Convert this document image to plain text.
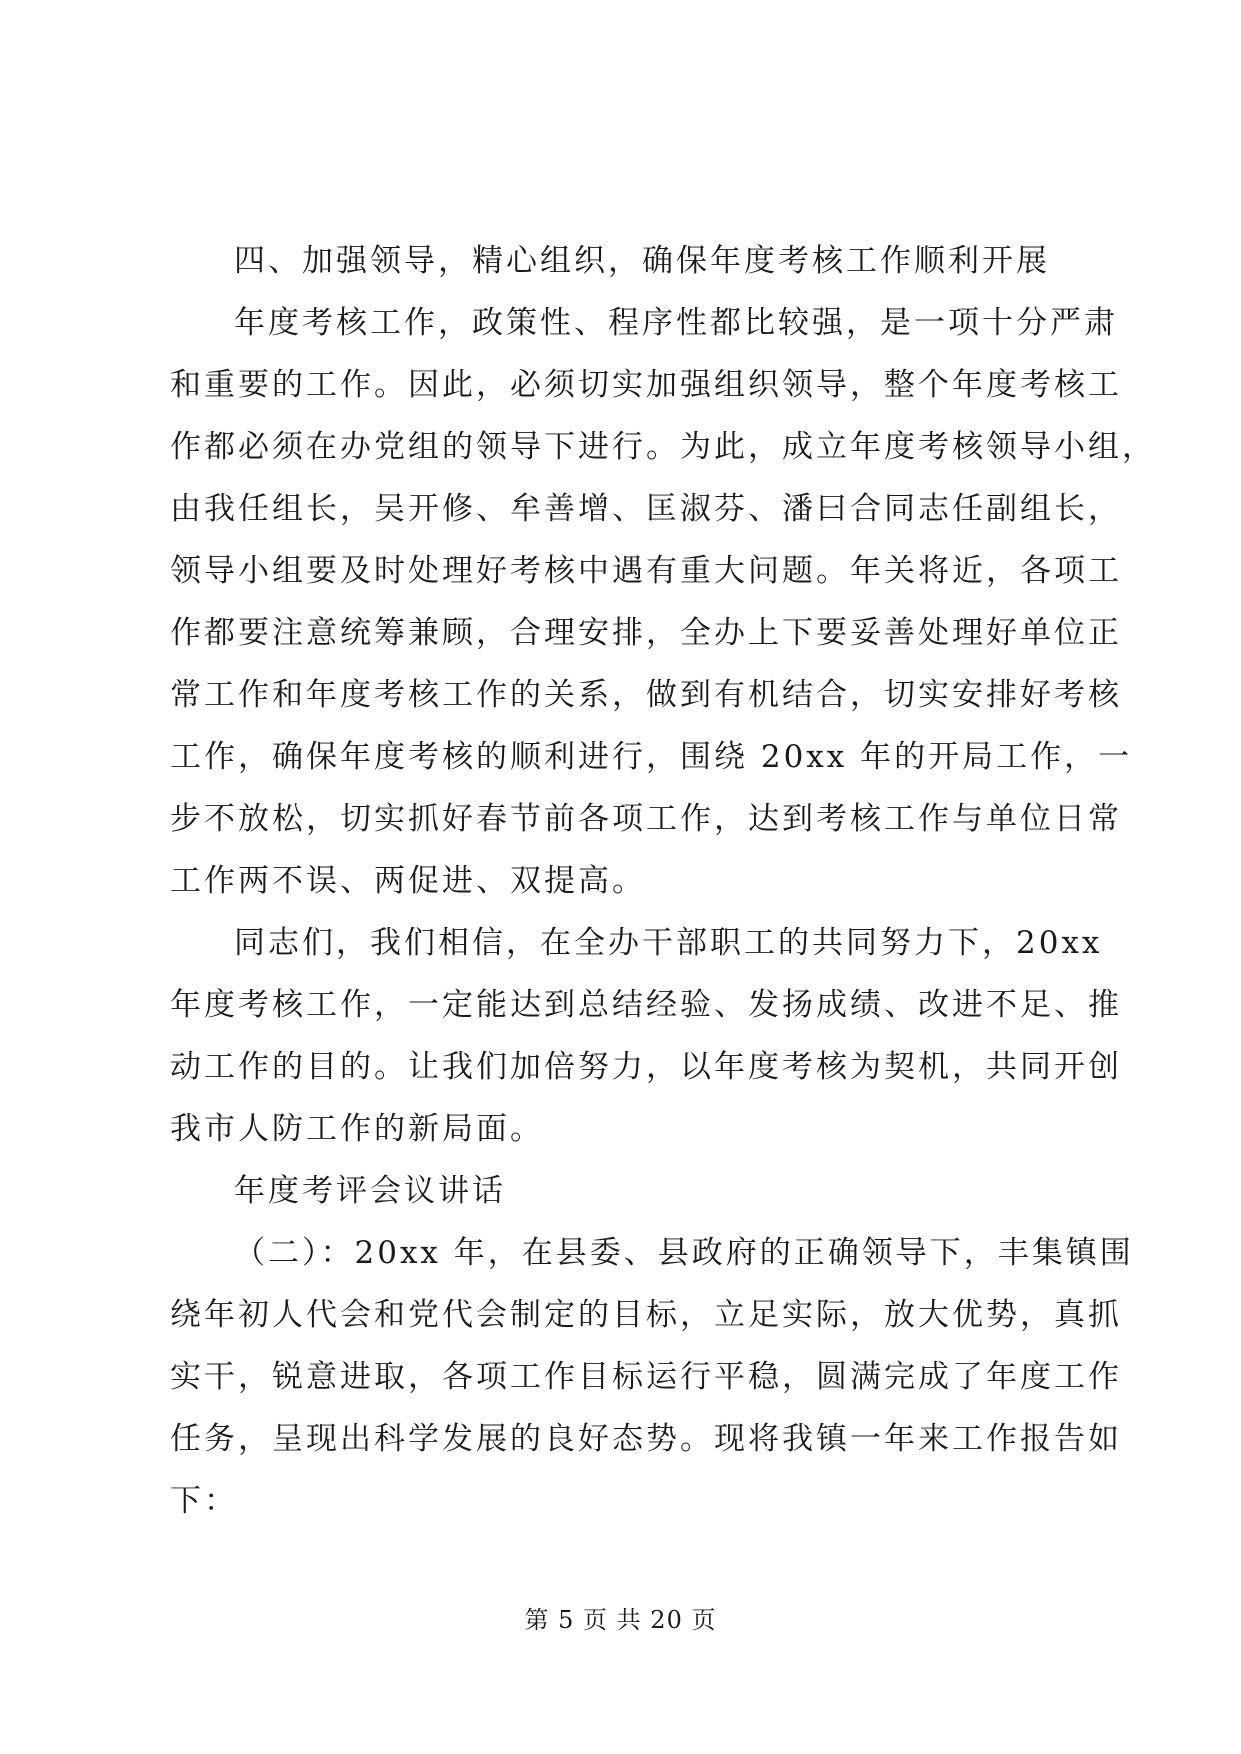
四、加强领导，精心组织，确保年度考核工作顺利开展
年度考核工作，政策性、程序性都比较强，是一项十分严肃
和重要的工作。因此，必须切实加强组织领导，整个年度考核工
作都必须在办党组的领导下进行。为此，成立年度考核领导小组，
由我任组长，吴开修、牟善增、匡淑芬、潘曰合同志任副组长，
领导小组要及时处理好考核中遇有重大问题。年关将近，各项工
作都要注意统筹兼顾，合理安排，全办上下要妥善处理好单位正
常工作和年度考核工作的关系，做到有机结合，切实安排好考核
工作，确保年度考核的顺利进行，围绕 20xx 年的开局工作，一
步不放松，切实抓好春节前各项工作，达到考核工作与单位日常
工作两不误、两促进、双提高。
同志们，我们相信，在全办干部职工的共同努力下，20xx
年度考核工作，一定能达到总结经验、发扬成绩、改进不足、推
动工作的目的。让我们加倍努力，以年度考核为契机，共同开创
我市人防工作的新局面。
年度考评会议讲话
（二）：20xx 年，在县委、县政府的正确领导下，丰集镇围
绕年初人代会和党代会制定的目标，立足实际，放大优势，真抓
实干，锐意进取，各项工作目标运行平稳，圆满完成了年度工作
任务，呈现出科学发展的良好态势。现将我镇一年来工作报告如
下：
第 5 页 共 20 页
